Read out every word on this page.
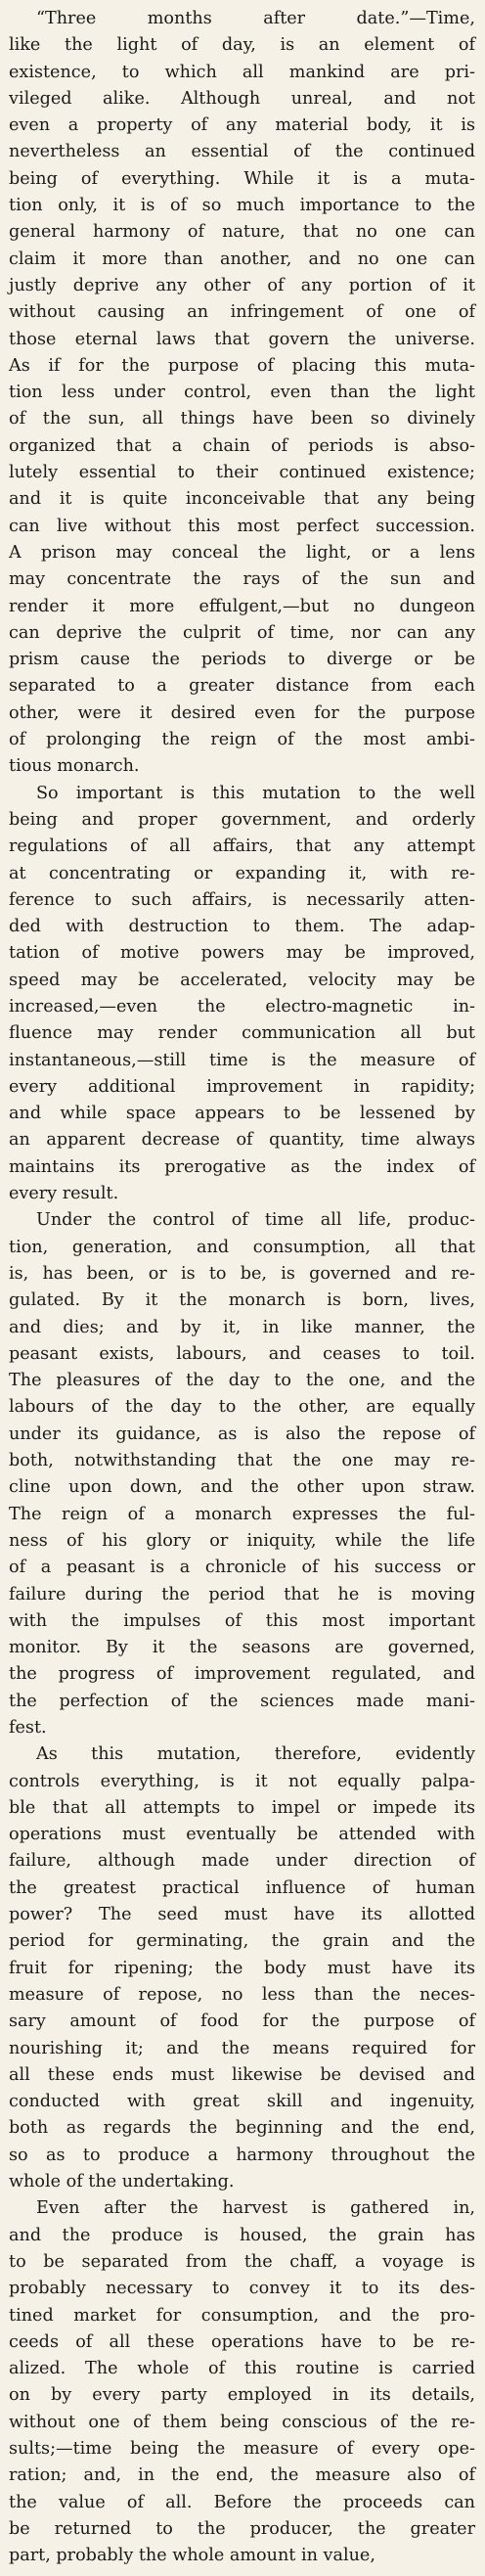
“Three months after date.”—Time,
like the light of day, is an element of
existence, to which all mankind are pri-
vileged alike. Although unreal, and not
even a property of any material body, it is
nevertheless an essential of the continued
being of everything. While it is a muta-
tion only, it is of so much importance to the
general harmony of nature, that no one can
claim it more than another, and no one can
justly deprive any other of any portion of it
without causing an infringement of one of
those eternal laws that govern the universe.
As if for the purpose of placing this muta-
tion less under control, even than the light
of the sun, all things have been so divinely
organized that a chain of periods is abso-
lutely essential to their continued existence;
and it is quite inconceivable that any being
can live without this most perfect succession.
A prison may conceal the light, or a lens
may concentrate the rays of the sun and
render it more effulgent,—but no dungeon
can deprive the culprit of time, nor can any
prism cause the periods to diverge or be
separated to a greater distance from each
other, were it desired even for the purpose
of prolonging the reign of the most ambi-
tious monarch.
So important is this mutation to the well
being and proper government, and orderly
regulations of all affairs, that any attempt
at concentrating or expanding it, with re-
ference to such affairs, is necessarily atten-
ded with destruction to them. The adap-
tation of motive powers may be improved,
speed may be accelerated, velocity may be
increased,—even the electro-magnetic in-
fluence may render communication all but
instantaneous,—still time is the measure of
every additional improvement in rapidity;
and while space appears to be lessened by
an apparent decrease of quantity, time always
maintains its prerogative as the index of
every result.
Under the control of time all life, produc-
tion, generation, and consumption, all that
is, has been, or is to be, is governed and re-
gulated. By it the monarch is born, lives,
and dies; and by it, in like manner, the
peasant exists, labours, and ceases to toil.
The pleasures of the day to the one, and the
labours of the day to the other, are equally
under its guidance, as is also the repose of
both, notwithstanding that the one may re-
cline upon down, and the other upon straw.
The reign of a monarch expresses the ful-
ness of his glory or iniquity, while the life
of a peasant is a chronicle of his success or
failure during the period that he is moving
with the impulses of this most important
monitor. By it the seasons are governed,
the progress of improvement regulated, and
the perfection of the sciences made mani-
fest.
As this mutation, therefore, evidently
controls everything, is it not equally palpa-
ble that all attempts to impel or impede its
operations must eventually be attended with
failure, although made under direction of
the greatest practical influence of human
power? The seed must have its allotted
period for germinating, the grain and the
fruit for ripening; the body must have its
measure of repose, no less than the neces-
sary amount of food for the purpose of
nourishing it; and the means required for
all these ends must likewise be devised and
conducted with great skill and ingenuity,
both as regards the beginning and the end,
so as to produce a harmony throughout the
whole of the undertaking.
Even after the harvest is gathered in,
and the produce is housed, the grain has
to be separated from the chaff, a voyage is
probably necessary to convey it to its des-
tined market for consumption, and the pro-
ceeds of all these operations have to be re-
alized. The whole of this routine is carried
on by every party employed in its details,
without one of them being conscious of the re-
sults;—time being the measure of every ope-
ration; and, in the end, the measure also of
the value of all. Before the proceeds can
be returned to the producer, the greater
part, probably the whole amount in value,
